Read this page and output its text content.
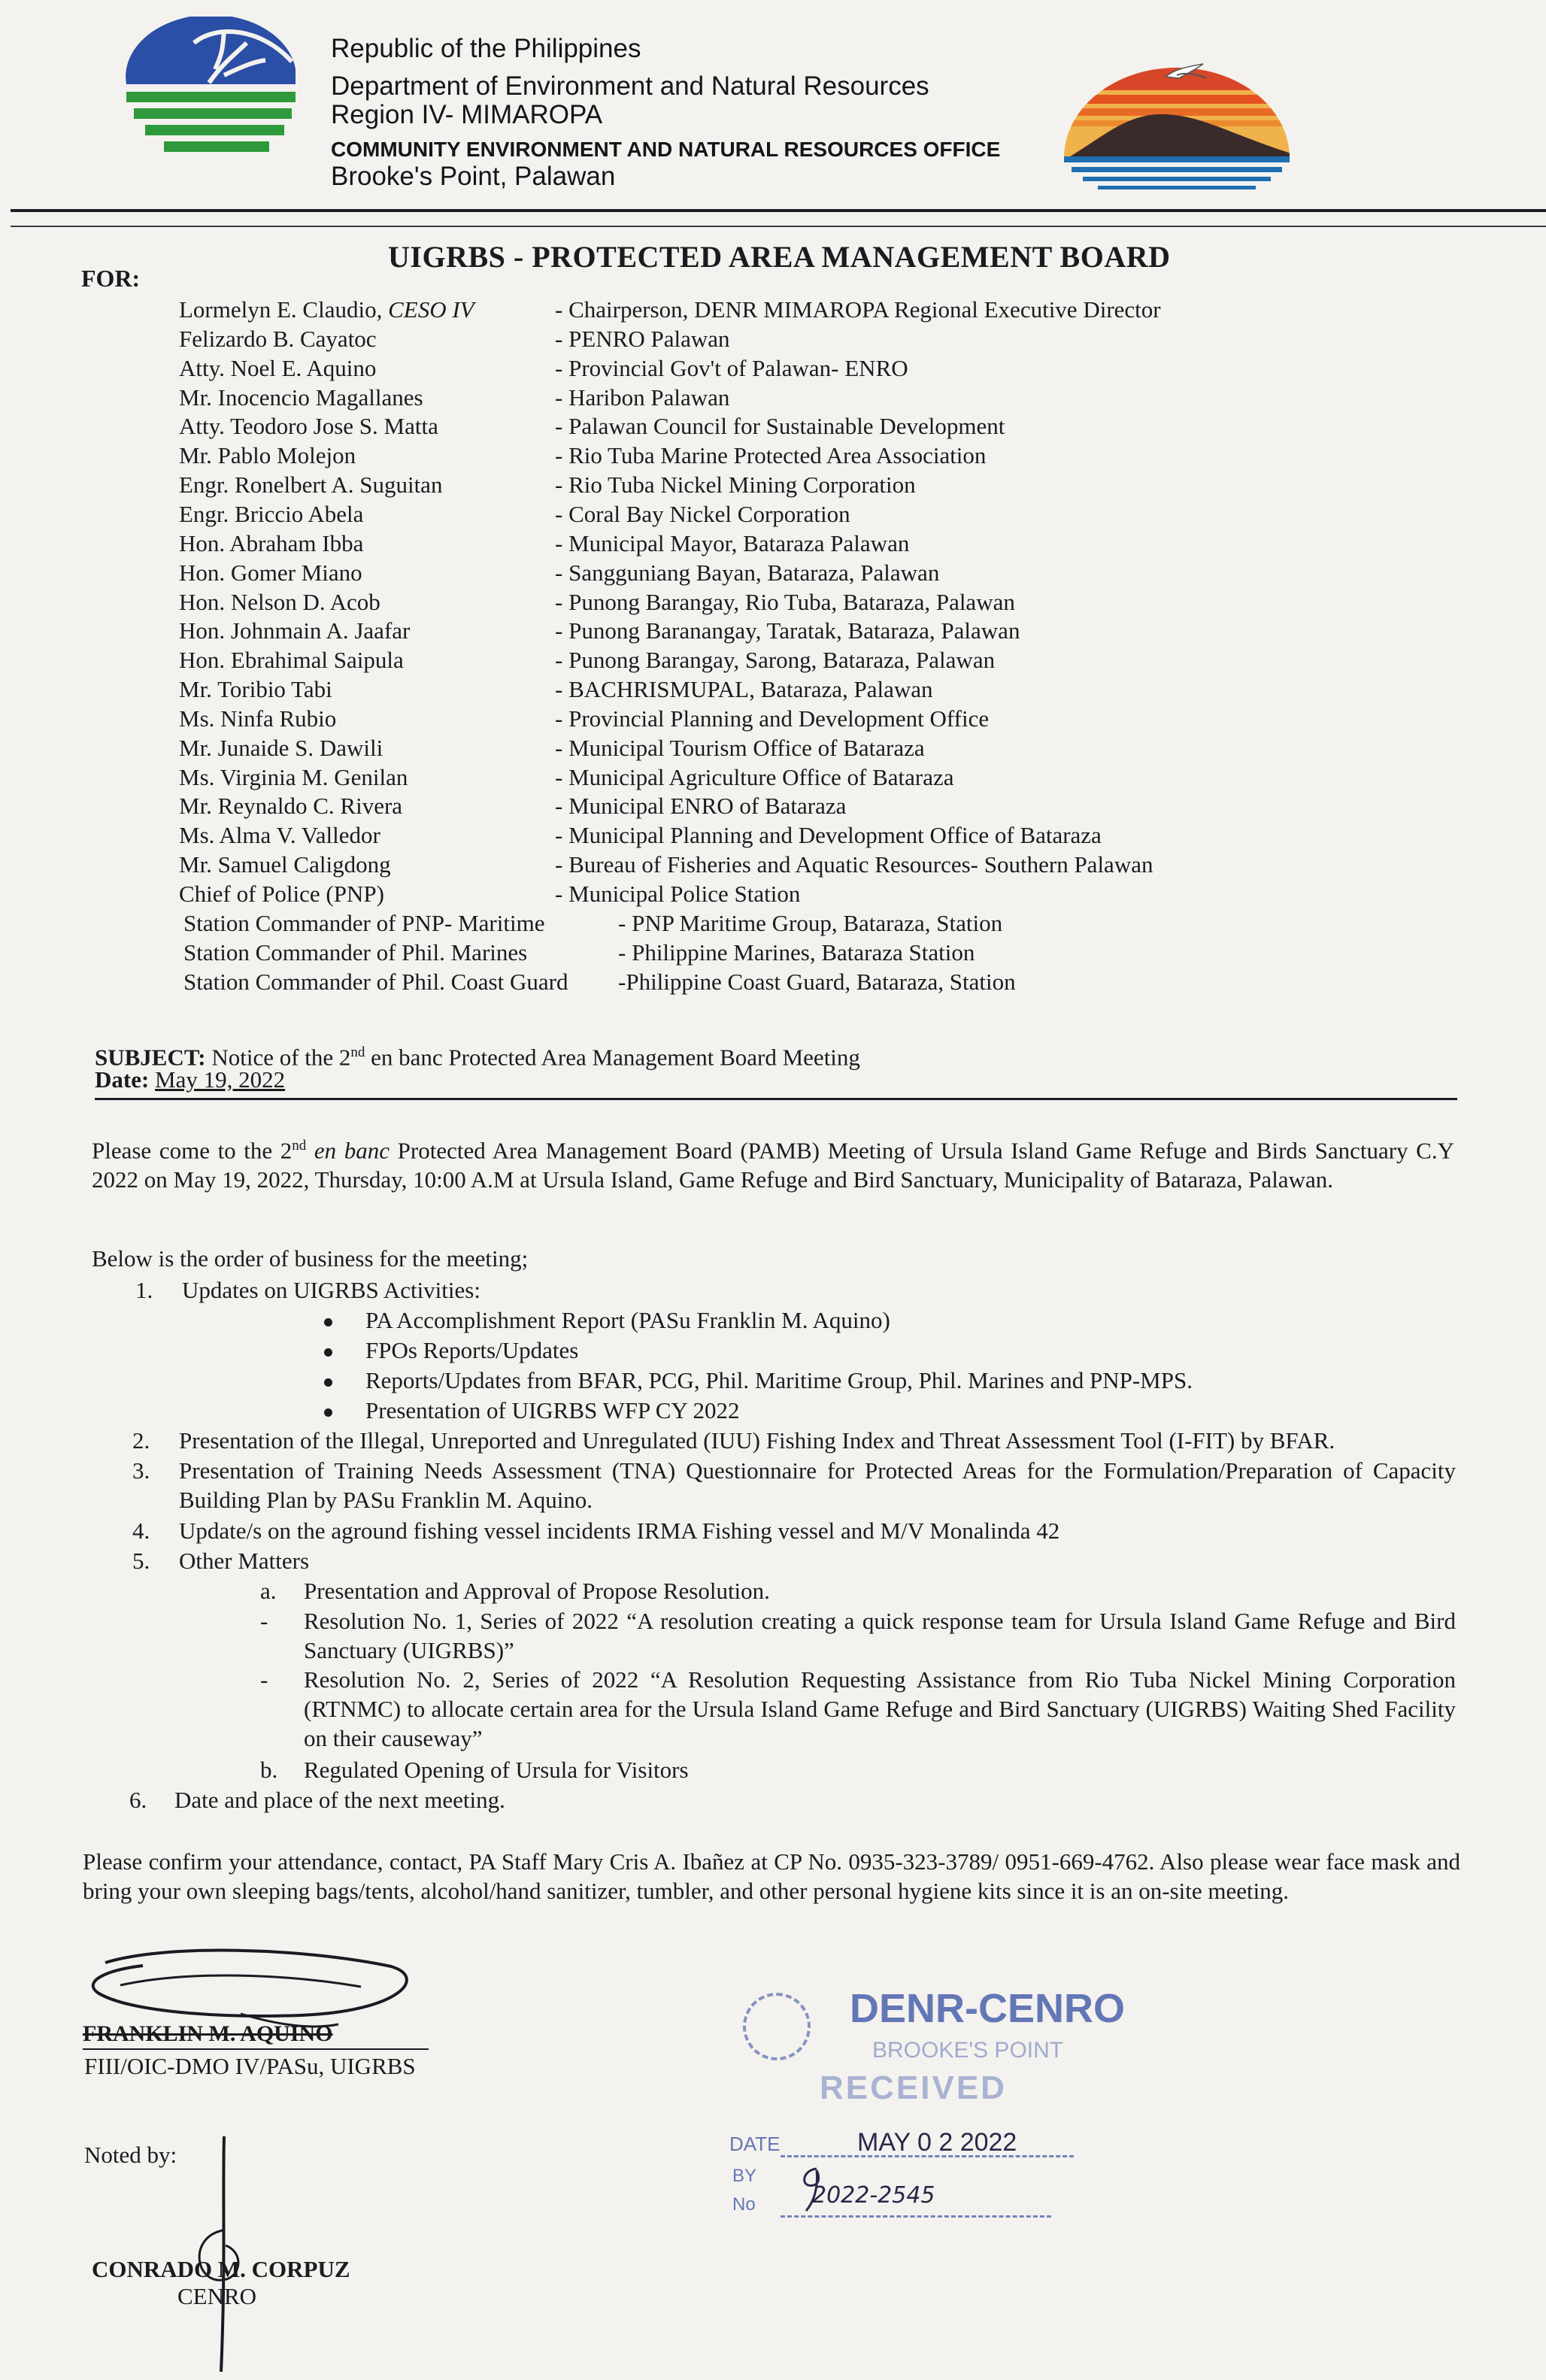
Republic of the Philippines
Department of Environment and Natural Resources
Region IV- MIMAROPA
COMMUNITY ENVIRONMENT AND NATURAL RESOURCES OFFICE
Brooke's Point, Palawan
UIGRBS - PROTECTED AREA MANAGEMENT BOARD
FOR:
Lormelyn E. Claudio, CESO IV	- Chairperson, DENR MIMAROPA Regional Executive Director
Felizardo B. Cayatoc	- PENRO Palawan
Atty. Noel E. Aquino	- Provincial Gov't of Palawan- ENRO
Mr. Inocencio Magallanes	- Haribon Palawan
Atty. Teodoro Jose S. Matta	- Palawan Council for Sustainable Development
Mr. Pablo Molejon	- Rio Tuba Marine Protected Area Association
Engr. Ronelbert A. Suguitan	- Rio Tuba Nickel Mining Corporation
Engr. Briccio Abela	- Coral Bay Nickel Corporation
Hon. Abraham Ibba	- Municipal Mayor, Bataraza Palawan
Hon. Gomer Miano	- Sangguniang Bayan, Bataraza, Palawan
Hon. Nelson D. Acob	- Punong Barangay, Rio Tuba, Bataraza, Palawan
Hon. Johnmain A. Jaafar	- Punong Baranangay, Taratak, Bataraza, Palawan
Hon. Ebrahimal Saipula	- Punong Barangay, Sarong, Bataraza, Palawan
Mr. Toribio Tabi	- BACHRISMUPAL, Bataraza, Palawan
Ms. Ninfa Rubio	- Provincial Planning and Development Office
Mr. Junaide S. Dawili	- Municipal Tourism Office of Bataraza
Ms. Virginia M. Genilan	- Municipal Agriculture Office of Bataraza
Mr. Reynaldo C. Rivera	- Municipal ENRO of Bataraza
Ms. Alma V. Valledor	- Municipal Planning and Development Office of Bataraza
Mr. Samuel Caligdong	- Bureau of Fisheries and Aquatic Resources- Southern Palawan
Chief of Police (PNP)	- Municipal Police Station
Station Commander of PNP- Maritime	- PNP Maritime Group, Bataraza, Station
Station Commander of Phil. Marines	- Philippine Marines, Bataraza Station
Station Commander of Phil. Coast Guard -Philippine Coast Guard, Bataraza, Station
SUBJECT: Notice of the 2nd en banc Protected Area Management Board Meeting
Date: May 19, 2022
Please come to the 2nd en banc Protected Area Management Board (PAMB) Meeting of Ursula Island Game Refuge and Birds Sanctuary C.Y 2022 on May 19, 2022, Thursday, 10:00 A.M at Ursula Island, Game Refuge and Bird Sanctuary, Municipality of Bataraza, Palawan.
Below is the order of business for the meeting;
1. Updates on UIGRBS Activities:
PA Accomplishment Report (PASu Franklin M. Aquino)
FPOs Reports/Updates
Reports/Updates from BFAR, PCG, Phil. Maritime Group, Phil. Marines and PNP-MPS.
Presentation of UIGRBS WFP CY 2022
2. Presentation of the Illegal, Unreported and Unregulated (IUU) Fishing Index and Threat Assessment Tool (I-FIT) by BFAR.
3. Presentation of Training Needs Assessment (TNA) Questionnaire for Protected Areas for the Formulation/Preparation of Capacity Building Plan by PASu Franklin M. Aquino.
4. Update/s on the aground fishing vessel incidents IRMA Fishing vessel and M/V Monalinda 42
5. Other Matters
a. Presentation and Approval of Propose Resolution.
- Resolution No. 1, Series of 2022 “A resolution creating a quick response team for Ursula Island Game Refuge and Bird Sanctuary (UIGRBS)”
- Resolution No. 2, Series of 2022 “A Resolution Requesting Assistance from Rio Tuba Nickel Mining Corporation (RTNMC) to allocate certain area for the Ursula Island Game Refuge and Bird Sanctuary (UIGRBS) Waiting Shed Facility on their causeway”
b. Regulated Opening of Ursula for Visitors
6. Date and place of the next meeting.
Please confirm your attendance, contact, PA Staff Mary Cris A. Ibañez at CP No. 0935-323-3789/ 0951-669-4762. Also please wear face mask and bring your own sleeping bags/tents, alcohol/hand sanitizer, tumbler, and other personal hygiene kits since it is an on-site meeting.
FRANKLIN M. AQUINO
FIII/OIC-DMO IV/PASu, UIGRBS
Noted by:
CONRADO M. CORPUZ
CENRO
DENR-CENRO
BROOKE'S POINT
RECEIVED
DATE	MAY 0 2 2022
BY
No	2022-2545
